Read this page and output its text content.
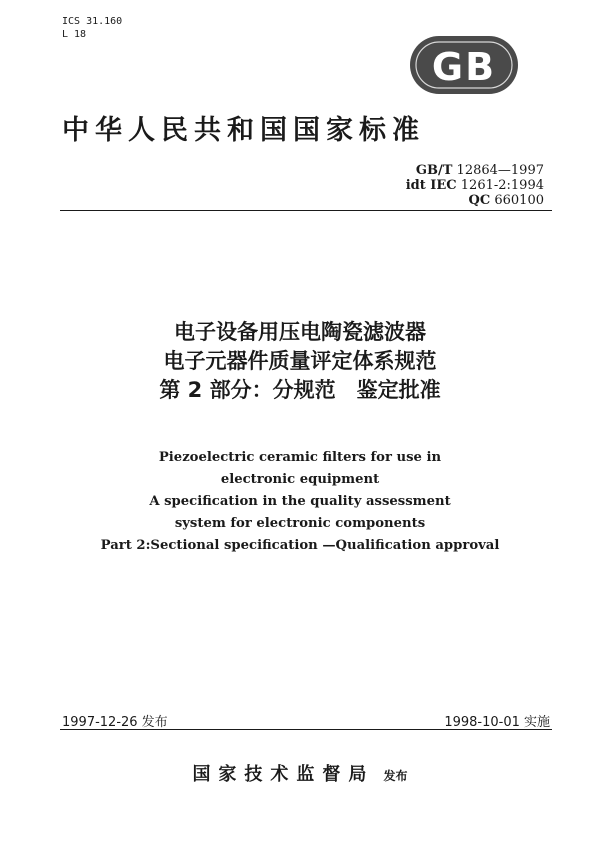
ICS 31.160
L 18
GB
中华人民共和国国家标准
GB/T 12864—1997
idt IEC 1261-2:1994
QC 660100
电子设备用压电陶瓷滤波器
电子元器件质量评定体系规范
第 2 部分：分规范　鉴定批准
Piezoelectric ceramic filters for use in
electronic equipment
A specification in the quality assessment
system for electronic components
Part 2:Sectional specification —Qualification approval
1997-12-26 发布	1998-10-01 实施
国家技术监督局 发布
